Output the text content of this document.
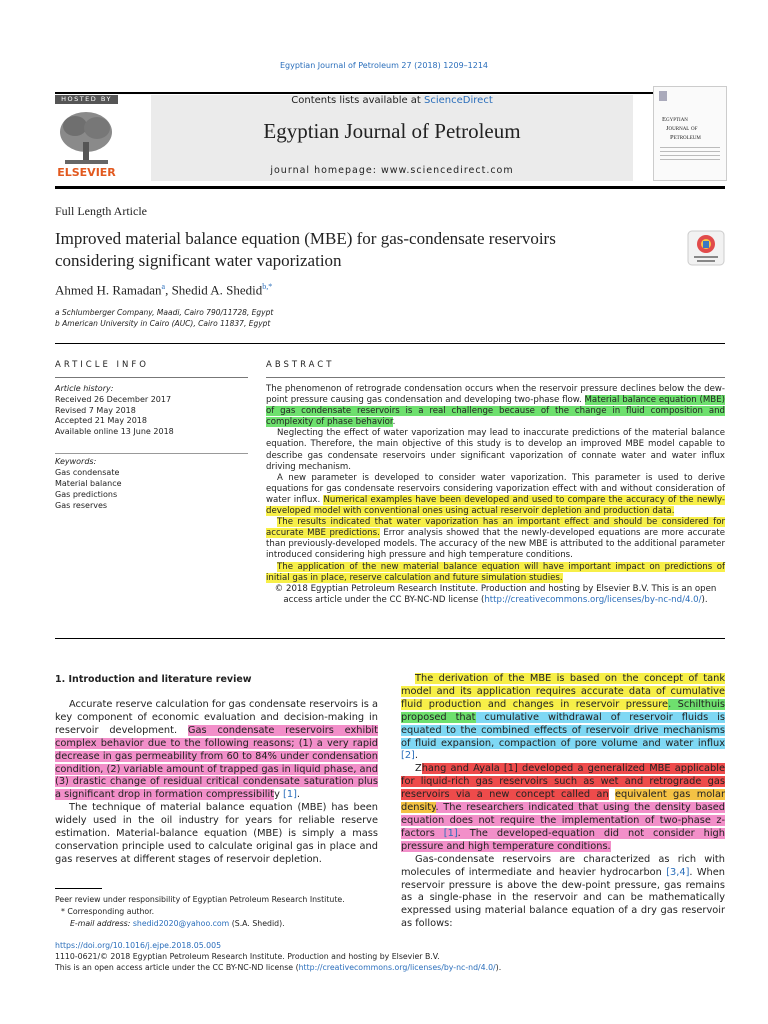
Egyptian Journal of Petroleum 27 (2018) 1209–1214
HOSTED BY
ELSEVIER
Contents lists available at ScienceDirect
Egyptian Journal of Petroleum
journal homepage: www.sciencedirect.com
Egyptian
Journal of
Petroleum
Full Length Article
Improved material balance equation (MBE) for gas-condensate reservoirs considering significant water vaporization
Ahmed H. Ramadan$^a$, Shedid A. Shedid$^{b,*}$
a Schlumberger Company, Maadi, Cairo 790/11728, Egypt
b American University in Cairo (AUC), Cairo 11837, Egypt
ARTICLE INFO	ABSTRACT
Article history:
Received 26 December 2017
Revised 7 May 2018
Accepted 21 May 2018
Available online 13 June 2018
Keywords:
Gas condensate
Material balance
Gas predictions
Gas reserves

The phenomenon of retrograde condensation occurs when the reservoir pressure declines below the dew-point pressure causing gas condensation and developing two-phase flow. Material balance equation (MBE) of gas condensate reservoirs is a real challenge because of the change in fluid composition and complexity of phase behavior.

Neglecting the effect of water vaporization may lead to inaccurate predictions of the material balance equation. Therefore, the main objective of this study is to develop an improved MBE model capable to describe gas condensate reservoirs under significant vaporization of connate water and water influx driving mechanism.

A new parameter is developed to consider water vaporization. This parameter is used to derive equations for gas condensate reservoirs considering vaporization effect with and without consideration of water influx. Numerical examples have been developed and used to compare the accuracy of the newly-developed model with conventional ones using actual reservoir depletion and production data.

The results indicated that water vaporization has an important effect and should be considered for accurate MBE predictions. Error analysis showed that the newly-developed equations are more accurate than previously-developed models. The accuracy of the new MBE is attributed to the additional parameter introduced considering high pressure and high temperature conditions.

The application of the new material balance equation will have important impact on predictions of initial gas in place, reserve calculation and future simulation studies.

© 2018 Egyptian Petroleum Research Institute. Production and hosting by Elsevier B.V. This is an open access article under the CC BY-NC-ND license (http://creativecommons.org/licenses/by-nc-nd/4.0/).

1. Introduction and literature review

Accurate reserve calculation for gas condensate reservoirs is a key component of economic evaluation and decision-making in reservoir development. Gas condensate reservoirs exhibit complex behavior due to the following reasons; (1) a very rapid decrease in gas permeability from 60 to 84% under condensation condition, (2) variable amount of trapped gas in liquid phase, and (3) drastic change of residual critical condensate saturation plus a significant drop in formation compressibility [1].

The technique of material balance equation (MBE) has been widely used in the oil industry for years for reliable reserve estimation. Material-balance equation (MBE) is simply a mass conservation principle used to calculate original gas in place and gas reserves at different stages of reservoir depletion.

The derivation of the MBE is based on the concept of tank model and its application requires accurate data of cumulative fluid production and changes in reservoir pressure. Schilthuis proposed that cumulative withdrawal of reservoir fluids is equated to the combined effects of reservoir drive mechanisms of fluid expansion, compaction of pore volume and water influx [2].

Zhang and Ayala [1] developed a generalized MBE applicable for liquid-rich gas reservoirs such as wet and retrograde gas reservoirs via a new concept called an equivalent gas molar density. The researchers indicated that using the density based equation does not require the implementation of two-phase z-factors [1]. The developed-equation did not consider high pressure and high temperature conditions.

Gas-condensate reservoirs are characterized as rich with molecules of intermediate and heavier hydrocarbon [3,4]. When reservoir pressure is above the dew-point pressure, gas remains as a single-phase in the reservoir and can be mathematically expressed using material balance equation of a dry gas reservoir as follows:

Peer review under responsibility of Egyptian Petroleum Research Institute.
* Corresponding author.
E-mail address: shedid2020@yahoo.com (S.A. Shedid).
https://doi.org/10.1016/j.ejpe.2018.05.005
1110-0621/© 2018 Egyptian Petroleum Research Institute. Production and hosting by Elsevier B.V.
This is an open access article under the CC BY-NC-ND license (http://creativecommons.org/licenses/by-nc-nd/4.0/).
